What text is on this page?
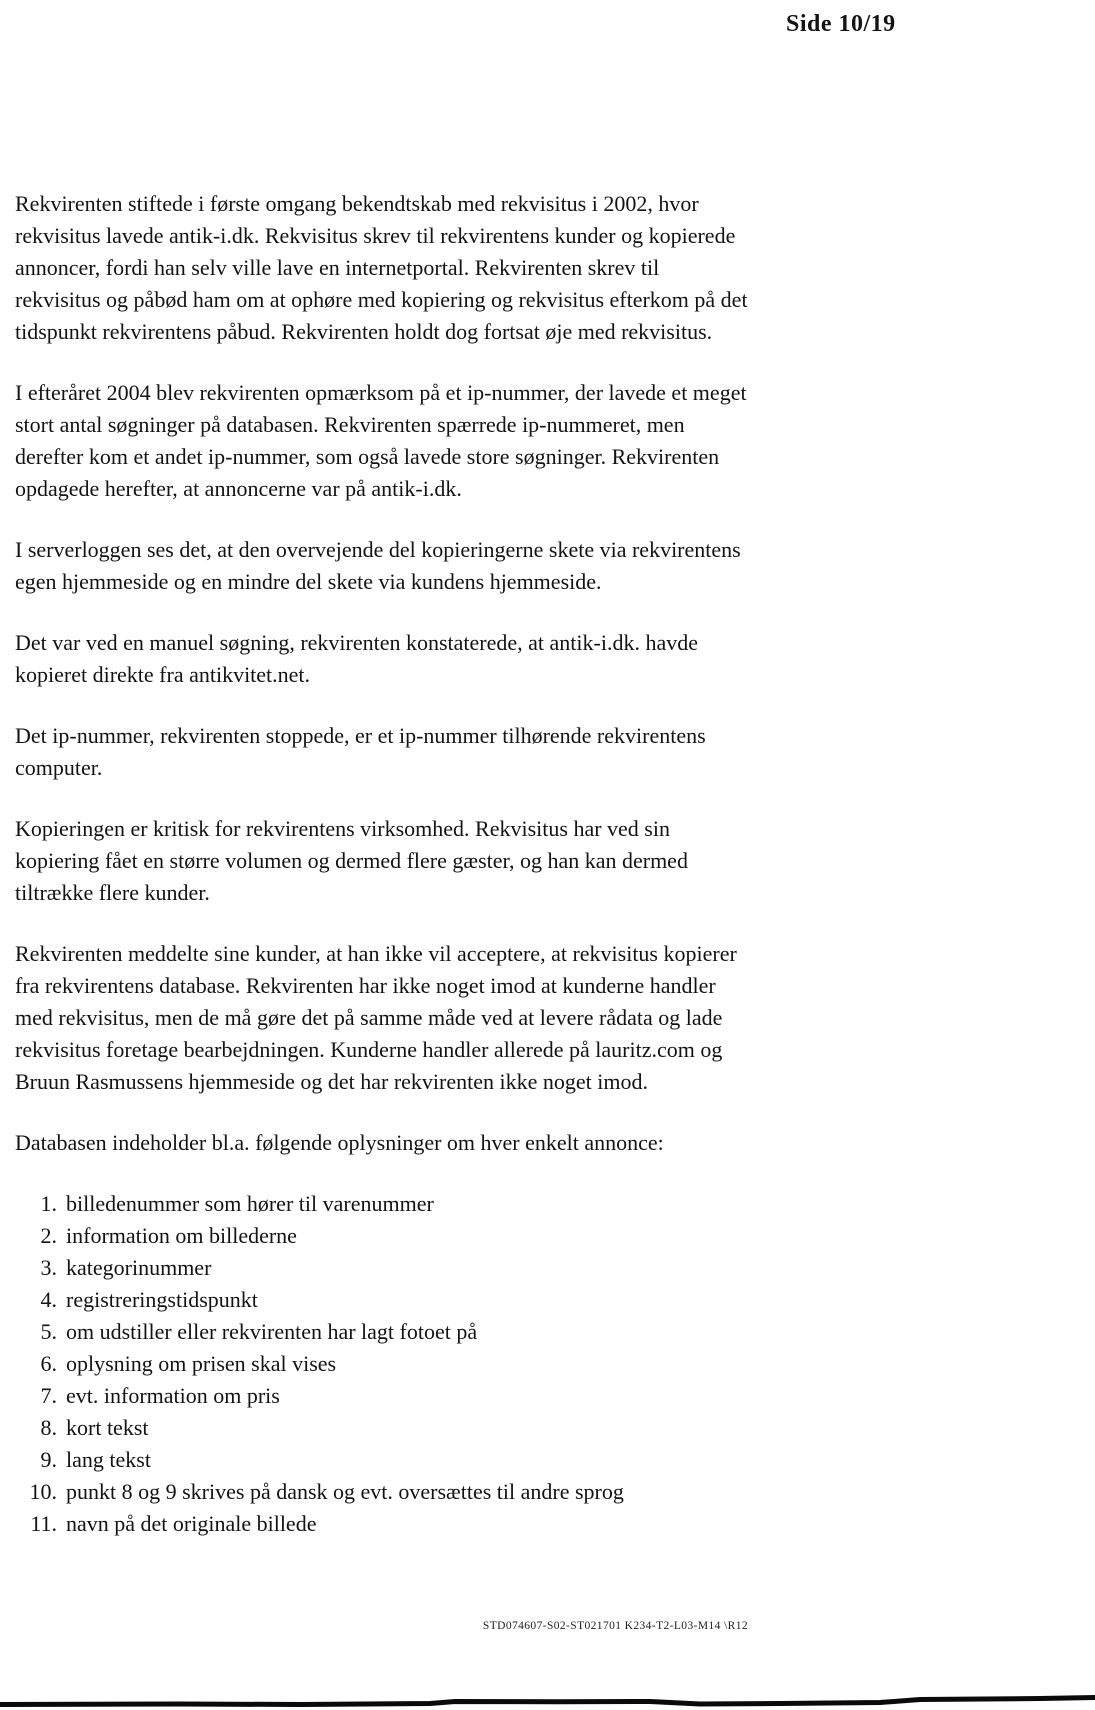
Side 10/19

Rekvirenten stiftede i første omgang bekendtskab med rekvisitus i 2002, hvor rekvisitus lavede antik-i.dk. Rekvisitus skrev til rekvirentens kunder og kopierede annoncer, fordi han selv ville lave en internetportal. Rekvirenten skrev til rekvisitus og påbød ham om at ophøre med kopiering og rekvisitus efterkom på det tidspunkt rekvirentens påbud. Rekvirenten holdt dog fortsat øje med rekvisitus.

I efteråret 2004 blev rekvirenten opmærksom på et ip-nummer, der lavede et meget stort antal søgninger på databasen. Rekvirenten spærrede ip-nummeret, men derefter kom et andet ip-nummer, som også lavede store søgninger. Rekvirenten opdagede herefter, at annoncerne var på antik-i.dk.

I serverloggen ses det, at den overvejende del kopieringerne skete via rekvirentens egen hjemmeside og en mindre del skete via kundens hjemmeside.

Det var ved en manuel søgning, rekvirenten konstaterede, at antik-i.dk. havde kopieret direkte fra antikvitet.net.

Det ip-nummer, rekvirenten stoppede, er et ip-nummer tilhørende rekvirentens computer.

Kopieringen er kritisk for rekvirentens virksomhed. Rekvisitus har ved sin kopiering fået en større volumen og dermed flere gæster, og han kan dermed tiltrække flere kunder.

Rekvirenten meddelte sine kunder, at han ikke vil acceptere, at rekvisitus kopierer fra rekvirentens database. Rekvirenten har ikke noget imod at kunderne handler med rekvisitus, men de må gøre det på samme måde ved at levere rådata og lade rekvisitus foretage bearbejdningen. Kunderne handler allerede på lauritz.com og Bruun Rasmussens hjemmeside og det har rekvirenten ikke noget imod.

Databasen indeholder bl.a. følgende oplysninger om hver enkelt annonce:

1. billedenummer som hører til varenummer
2. information om billederne
3. kategorinummer
4. registreringstidspunkt
5. om udstiller eller rekvirenten har lagt fotoet på
6. oplysning om prisen skal vises
7. evt. information om pris
8. kort tekst
9. lang tekst
10. punkt 8 og 9 skrives på dansk og evt. oversættes til andre sprog
11. navn på det originale billede
STD074607-S02-ST021701 K234-T2-L03-M14 \R12
